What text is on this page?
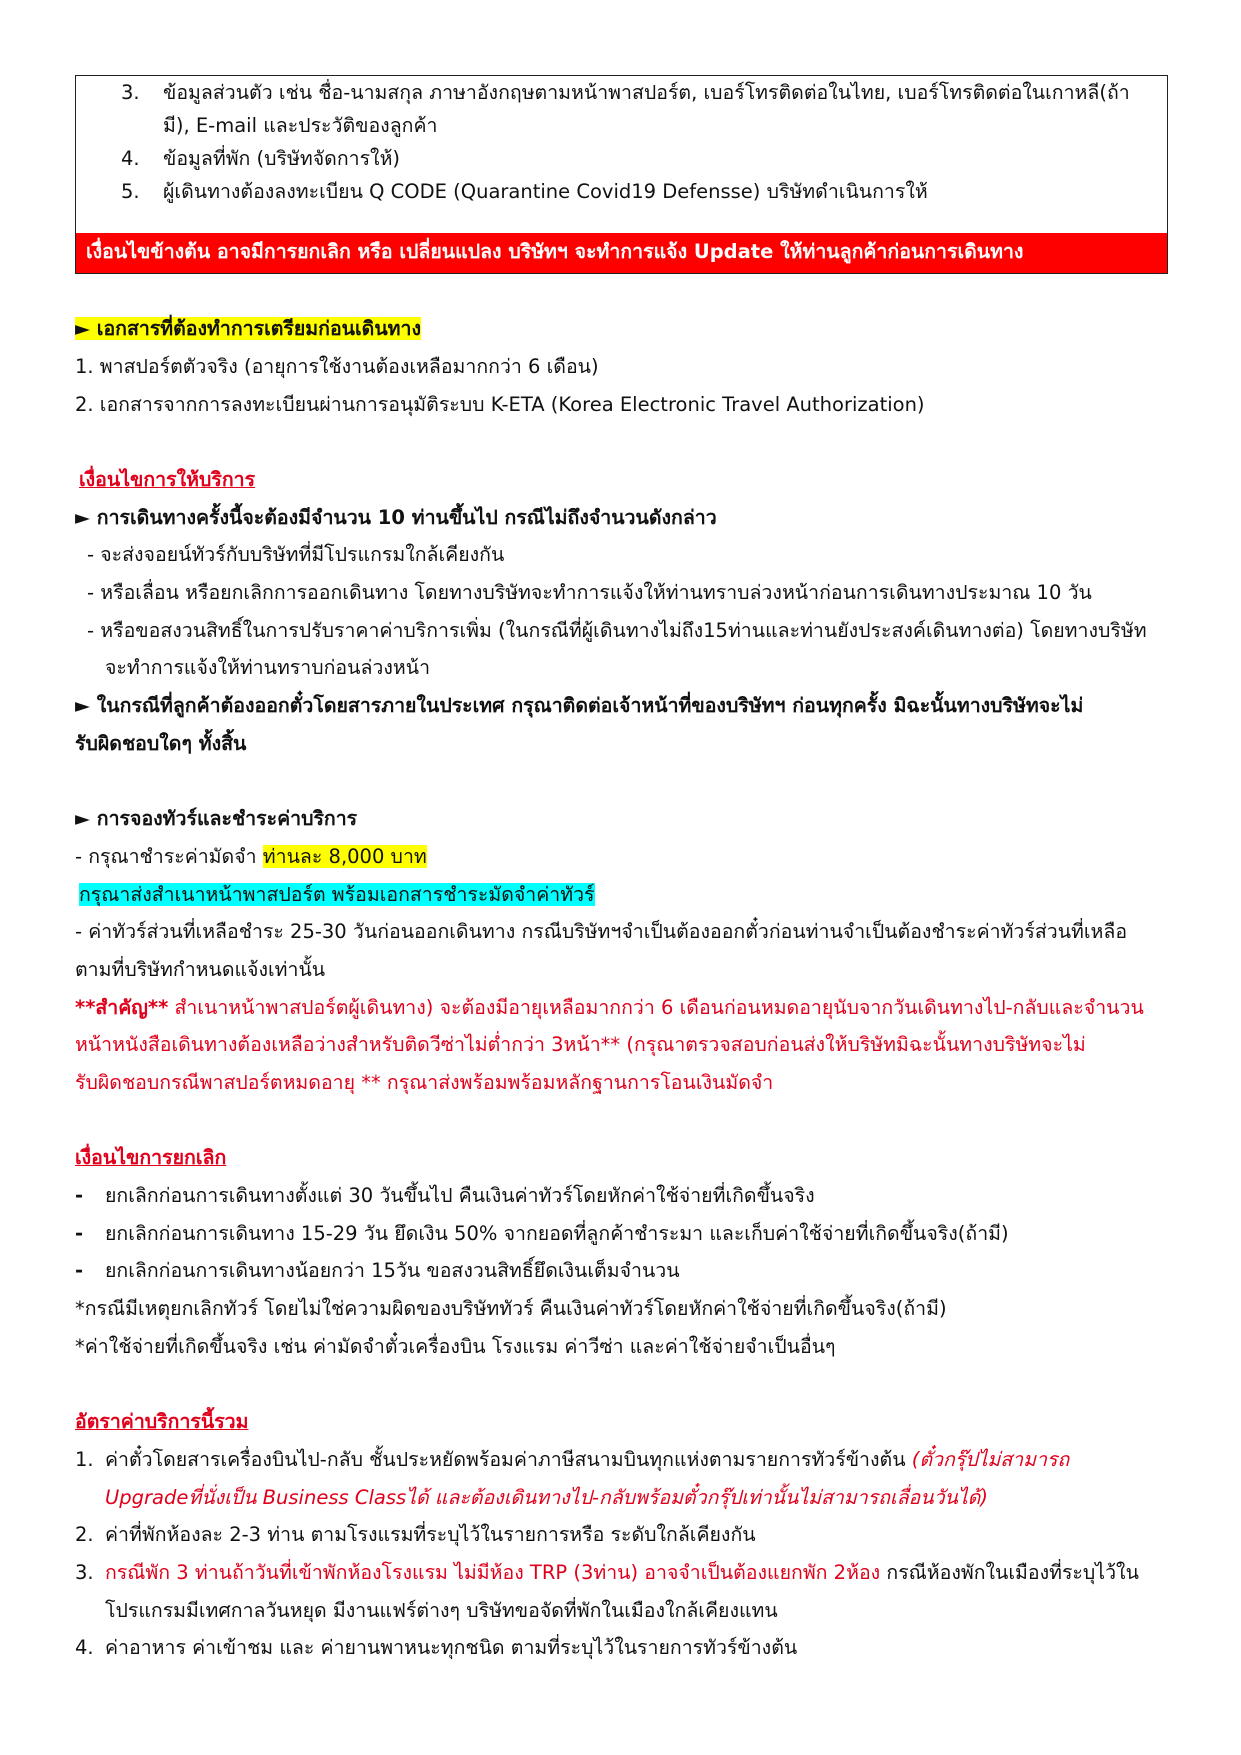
3.	ข้อมูลส่วนตัว เช่น ชื่อ-นามสกุล ภาษาอังกฤษตามหน้าพาสปอร์ต, เบอร์โทรติดต่อในไทย, เบอร์โทรติดต่อในเกาหลี(ถ้ามี), E-mail และประวัติของลูกค้า
4.	ข้อมูลที่พัก (บริษัทจัดการให้)
5.	ผู้เดินทางต้องลงทะเบียน Q CODE (Quarantine Covid19 Defensse) บริษัทดำเนินการให้
เงื่อนไขข้างต้น อาจมีการยกเลิก หรือ เปลี่ยนแปลง บริษัทฯ จะทำการแจ้ง Update ให้ท่านลูกค้าก่อนการเดินทาง
► เอกสารที่ต้องทำการเตรียมก่อนเดินทาง
1. พาสปอร์ตตัวจริง (อายุการใช้งานต้องเหลือมากกว่า 6 เดือน)
2. เอกสารจากการลงทะเบียนผ่านการอนุมัติระบบ K-ETA (Korea Electronic Travel Authorization)
เงื่อนไขการให้บริการ
► การเดินทางครั้งนี้จะต้องมีจำนวน 10 ท่านขึ้นไป กรณีไม่ถึงจำนวนดังกล่าว
- จะส่งจอยน์ทัวร์กับบริษัทที่มีโปรแกรมใกล้เคียงกัน
- หรือเลื่อน หรือยกเลิกการออกเดินทาง โดยทางบริษัทจะทำการแจ้งให้ท่านทราบล่วงหน้าก่อนการเดินทางประมาณ 10 วัน
- หรือขอสงวนสิทธิ์ในการปรับราคาค่าบริการเพิ่ม (ในกรณีที่ผู้เดินทางไม่ถึง15ท่านและท่านยังประสงค์เดินทางต่อ) โดยทางบริษัท
จะทำการแจ้งให้ท่านทราบก่อนล่วงหน้า
► ในกรณีที่ลูกค้าต้องออกตั๋วโดยสารภายในประเทศ กรุณาติดต่อเจ้าหน้าที่ของบริษัทฯ ก่อนทุกครั้ง มิฉะนั้นทางบริษัทจะไม่
รับผิดชอบใดๆ ทั้งสิ้น
► การจองทัวร์และชำระค่าบริการ
- กรุณาชำระค่ามัดจำ ท่านละ 8,000 บาท
กรุณาส่งสำเนาหน้าพาสปอร์ต พร้อมเอกสารชำระมัดจำค่าทัวร์
- ค่าทัวร์ส่วนที่เหลือชำระ 25-30 วันก่อนออกเดินทาง กรณีบริษัทฯจำเป็นต้องออกตั๋วก่อนท่านจำเป็นต้องชำระค่าทัวร์ส่วนที่เหลือ
ตามที่บริษัทกำหนดแจ้งเท่านั้น
**สำคัญ** สำเนาหน้าพาสปอร์ตผู้เดินทาง) จะต้องมีอายุเหลือมากกว่า 6 เดือนก่อนหมดอายุนับจากวันเดินทางไป-กลับและจำนวน
หน้าหนังสือเดินทางต้องเหลือว่างสำหรับติดวีซ่าไม่ต่ำกว่า 3หน้า** (กรุณาตรวจสอบก่อนส่งให้บริษัทมิฉะนั้นทางบริษัทจะไม่
รับผิดชอบกรณีพาสปอร์ตหมดอายุ ** กรุณาส่งพร้อมพร้อมหลักฐานการโอนเงินมัดจำ
เงื่อนไขการยกเลิก
-	ยกเลิกก่อนการเดินทางตั้งแต่ 30 วันขึ้นไป คืนเงินค่าทัวร์โดยหักค่าใช้จ่ายที่เกิดขึ้นจริง
-	ยกเลิกก่อนการเดินทาง 15-29 วัน ยึดเงิน 50% จากยอดที่ลูกค้าชำระมา และเก็บค่าใช้จ่ายที่เกิดขึ้นจริง(ถ้ามี)
-	ยกเลิกก่อนการเดินทางน้อยกว่า 15วัน ขอสงวนสิทธิ์ยึดเงินเต็มจำนวน
*กรณีมีเหตุยกเลิกทัวร์ โดยไม่ใช่ความผิดของบริษัททัวร์ คืนเงินค่าทัวร์โดยหักค่าใช้จ่ายที่เกิดขึ้นจริง(ถ้ามี)
*ค่าใช้จ่ายที่เกิดขึ้นจริง เช่น ค่ามัดจำตั๋วเครื่องบิน โรงแรม ค่าวีซ่า และค่าใช้จ่ายจำเป็นอื่นๆ
อัตราค่าบริการนี้รวม
1. ค่าตั๋วโดยสารเครื่องบินไป-กลับ ชั้นประหยัดพร้อมค่าภาษีสนามบินทุกแห่งตามรายการทัวร์ข้างต้น (ตั๋วกรุ๊ปไม่สามารถ
Upgradeที่นั่งเป็น Business Classได้ และต้องเดินทางไป-กลับพร้อมตั๋วกรุ๊ปเท่านั้นไม่สามารถเลื่อนวันได้)
2. ค่าที่พักห้องละ 2-3 ท่าน ตามโรงแรมที่ระบุไว้ในรายการหรือ ระดับใกล้เคียงกัน
3. กรณีพัก 3 ท่านถ้าวันที่เข้าพักห้องโรงแรม ไม่มีห้อง TRP (3ท่าน) อาจจำเป็นต้องแยกพัก 2ห้อง กรณีห้องพักในเมืองที่ระบุไว้ใน
โปรแกรมมีเทศกาลวันหยุด มีงานแฟร์ต่างๆ บริษัทขอจัดที่พักในเมืองใกล้เคียงแทน
4. ค่าอาหาร ค่าเข้าชม และ ค่ายานพาหนะทุกชนิด ตามที่ระบุไว้ในรายการทัวร์ข้างต้น
